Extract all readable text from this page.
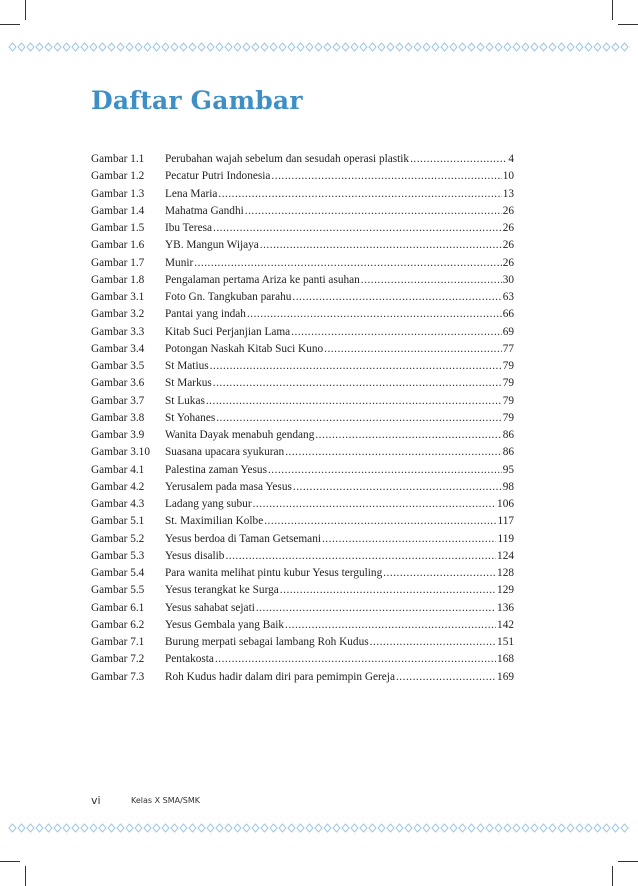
Daftar Gambar
Gambar 1.1	Perubahan wajah sebelum dan sesudah operasi plastik .....	4
Gambar 1.2	Pecatur Putri Indonesia .....	10
Gambar 1.3	Lena Maria .....	13
Gambar 1.4	Mahatma Gandhi .....	26
Gambar 1.5	Ibu Teresa .....	26
Gambar 1.6	YB. Mangun Wijaya .....	26
Gambar 1.7	Munir .....	26
Gambar 1.8	Pengalaman pertama Ariza ke panti asuhan .....	30
Gambar 3.1	Foto Gn. Tangkuban parahu .....	63
Gambar 3.2	Pantai yang indah .....	66
Gambar 3.3	Kitab Suci Perjanjian Lama .....	69
Gambar 3.4	Potongan Naskah Kitab Suci Kuno .....	77
Gambar 3.5	St Matius .....	79
Gambar 3.6	St Markus .....	79
Gambar 3.7	St Lukas .....	79
Gambar 3.8	St Yohanes .....	79
Gambar 3.9	Wanita Dayak menabuh gendang .....	86
Gambar 3.10	Suasana upacara syukuran .....	86
Gambar 4.1	Palestina zaman Yesus .....	95
Gambar 4.2	Yerusalem pada masa Yesus .....	98
Gambar 4.3	Ladang yang subur .....	106
Gambar 5.1	St. Maximilian Kolbe .....	117
Gambar 5.2	Yesus berdoa di Taman Getsemani .....	119
Gambar 5.3	Yesus disalib .....	124
Gambar 5.4	Para wanita melihat pintu kubur Yesus terguling .....	128
Gambar 5.5	Yesus terangkat ke Surga .....	129
Gambar 6.1	Yesus sahabat sejati .....	136
Gambar 6.2	Yesus Gembala yang Baik .....	142
Gambar 7.1	Burung merpati sebagai lambang Roh Kudus .....	151
Gambar 7.2	Pentakosta .....	168
Gambar 7.3	Roh Kudus hadir dalam diri para pemimpin Gereja .....	169
vi	Kelas X SMA/SMK
